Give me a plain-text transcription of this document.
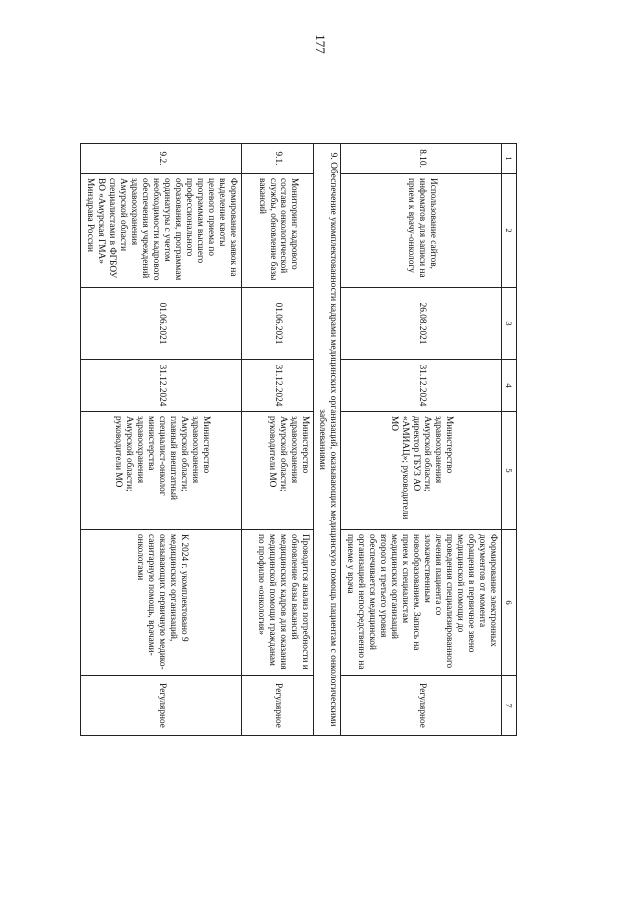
177
1	2	3	4	5	6	7
8.10.	Использование сайтов, инфоматов для записи на прием к врачу-онкологу	26.08.2021	31.12.2024	Министерство здравоохранения Амурской области; директор ГБУЗ АО «АМИАЦ»; руководители МО	Формирование электронных документов от момента обращения в первичное звено медицинской помощи до проведения специализированного лечения пациента со злокачественным новообразованием. Запись на прием к специалистам медицинских организаций второго и третьего уровня обеспечивается медицинской организацией непосредственно на приеме у врача	Регулярное
9. Обеспечение укомплектованности кадрами медицинских организаций, оказывающих медицинскую помощь пациентам с онкологическими заболеваниями						
9.1.	Мониторинг кадрового состава онкологической службы, обновление базы вакансий	01.06.2021	31.12.2024	Министерство здравоохранения Амурской области; руководители МО	Проводится анализ потребности и обновление базы вакансий медицинских кадров для оказания медицинской помощи гражданам по профилю «онкология»	Регулярное
9.2.	Формирование заявок на выделение квоты целевого приема по программам высшего профессионального образования, программам ординатуры с учетом необходимости кадрового обеспечения учреждений здравоохранения Амурской области специалистами в ФГБОУ ВО «Амурская ГМА» Минздрава России	01.06.2021	31.12.2024	Министерство здравоохранения Амурской области; главный внештатный специалист-онколог министерства здравоохранения Амурской области; руководители МО	К 2024 г. укомплектовано 9 медицинских организаций, оказывающих первичную медико-санитарную помощь, врачами-онкологами	Регулярное
